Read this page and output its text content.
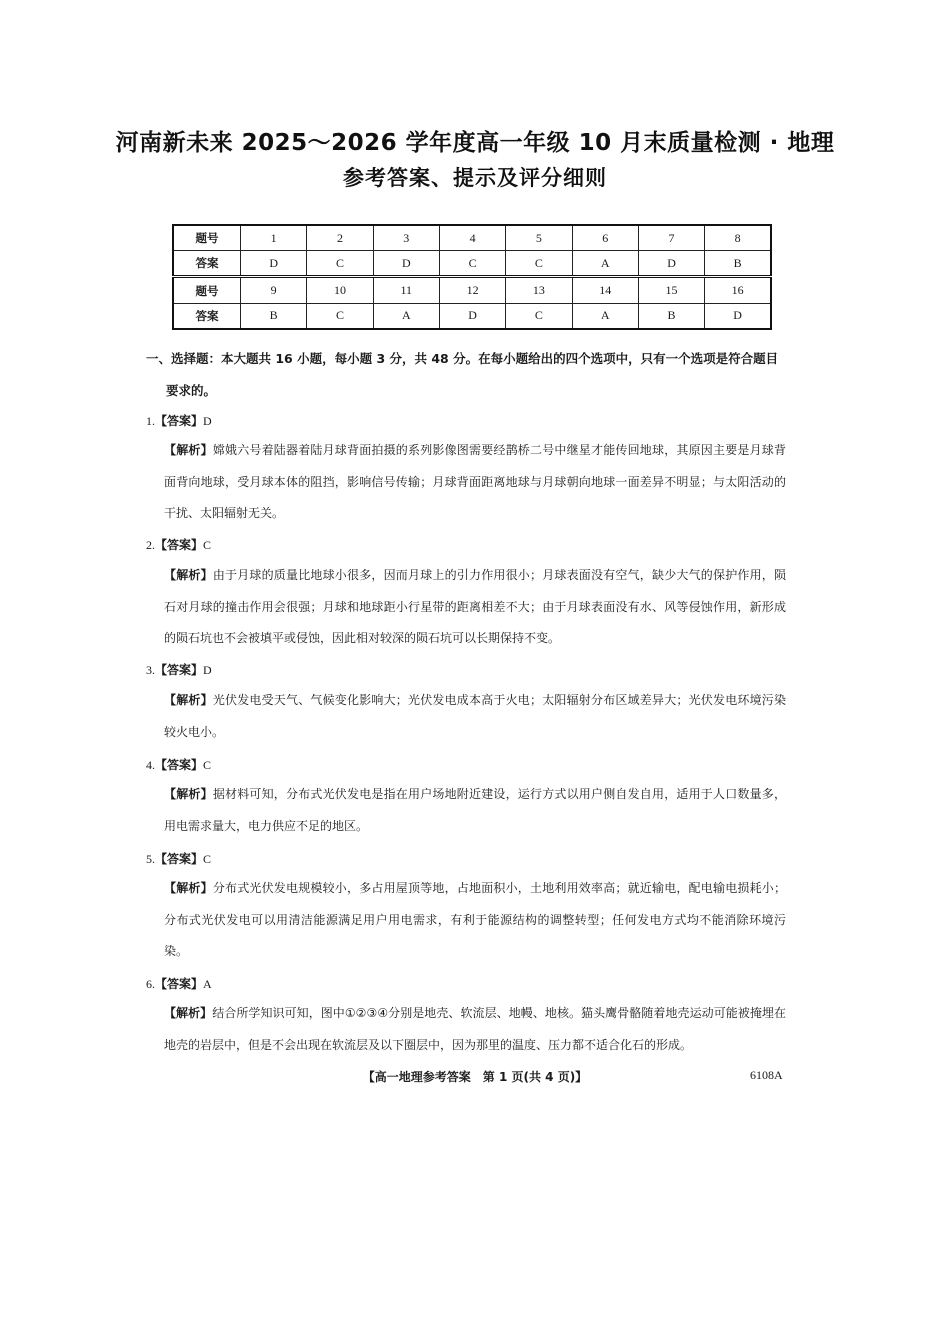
河南新未来 2025～2026 学年度高一年级 10 月末质量检测 · 地理
参考答案、提示及评分细则
题号	1	2	3	4	5	6	7	8
答案	D	C	D	C	C	A	D	B
题号	9	10	11	12	13	14	15	16
答案	B	C	A	D	C	A	B	D
一、选择题：本大题共 16 小题，每小题 3 分，共 48 分。在每小题给出的四个选项中，只有一个选项是符合题目
要求的。
1.【答案】D
【解析】嫦娥六号着陆器着陆月球背面拍摄的系列影像图需要经鹊桥二号中继星才能传回地球，其原因主要是月球背面背向地球，受月球本体的阻挡，影响信号传输；月球背面距离地球与月球朝向地球一面差异不明显；与太阳活动的干扰、太阳辐射无关。
2.【答案】C
【解析】由于月球的质量比地球小很多，因而月球上的引力作用很小；月球表面没有空气，缺少大气的保护作用，陨石对月球的撞击作用会很强；月球和地球距小行星带的距离相差不大；由于月球表面没有水、风等侵蚀作用，新形成的陨石坑也不会被填平或侵蚀，因此相对较深的陨石坑可以长期保持不变。
3.【答案】D
【解析】光伏发电受天气、气候变化影响大；光伏发电成本高于火电；太阳辐射分布区域差异大；光伏发电环境污染较火电小。
4.【答案】C
【解析】据材料可知，分布式光伏发电是指在用户场地附近建设，运行方式以用户侧自发自用，适用于人口数量多，用电需求量大，电力供应不足的地区。
5.【答案】C
【解析】分布式光伏发电规模较小，多占用屋顶等地，占地面积小，土地利用效率高；就近输电，配电输电损耗小；分布式光伏发电可以用清洁能源满足用户用电需求，有利于能源结构的调整转型；任何发电方式均不能消除环境污染。
6.【答案】A
【解析】结合所学知识可知，图中①②③④分别是地壳、软流层、地幔、地核。猫头鹰骨骼随着地壳运动可能被掩埋在地壳的岩层中，但是不会出现在软流层及以下圈层中，因为那里的温度、压力都不适合化石的形成。
【高一地理参考答案　第 1 页(共 4 页)】	6108A
